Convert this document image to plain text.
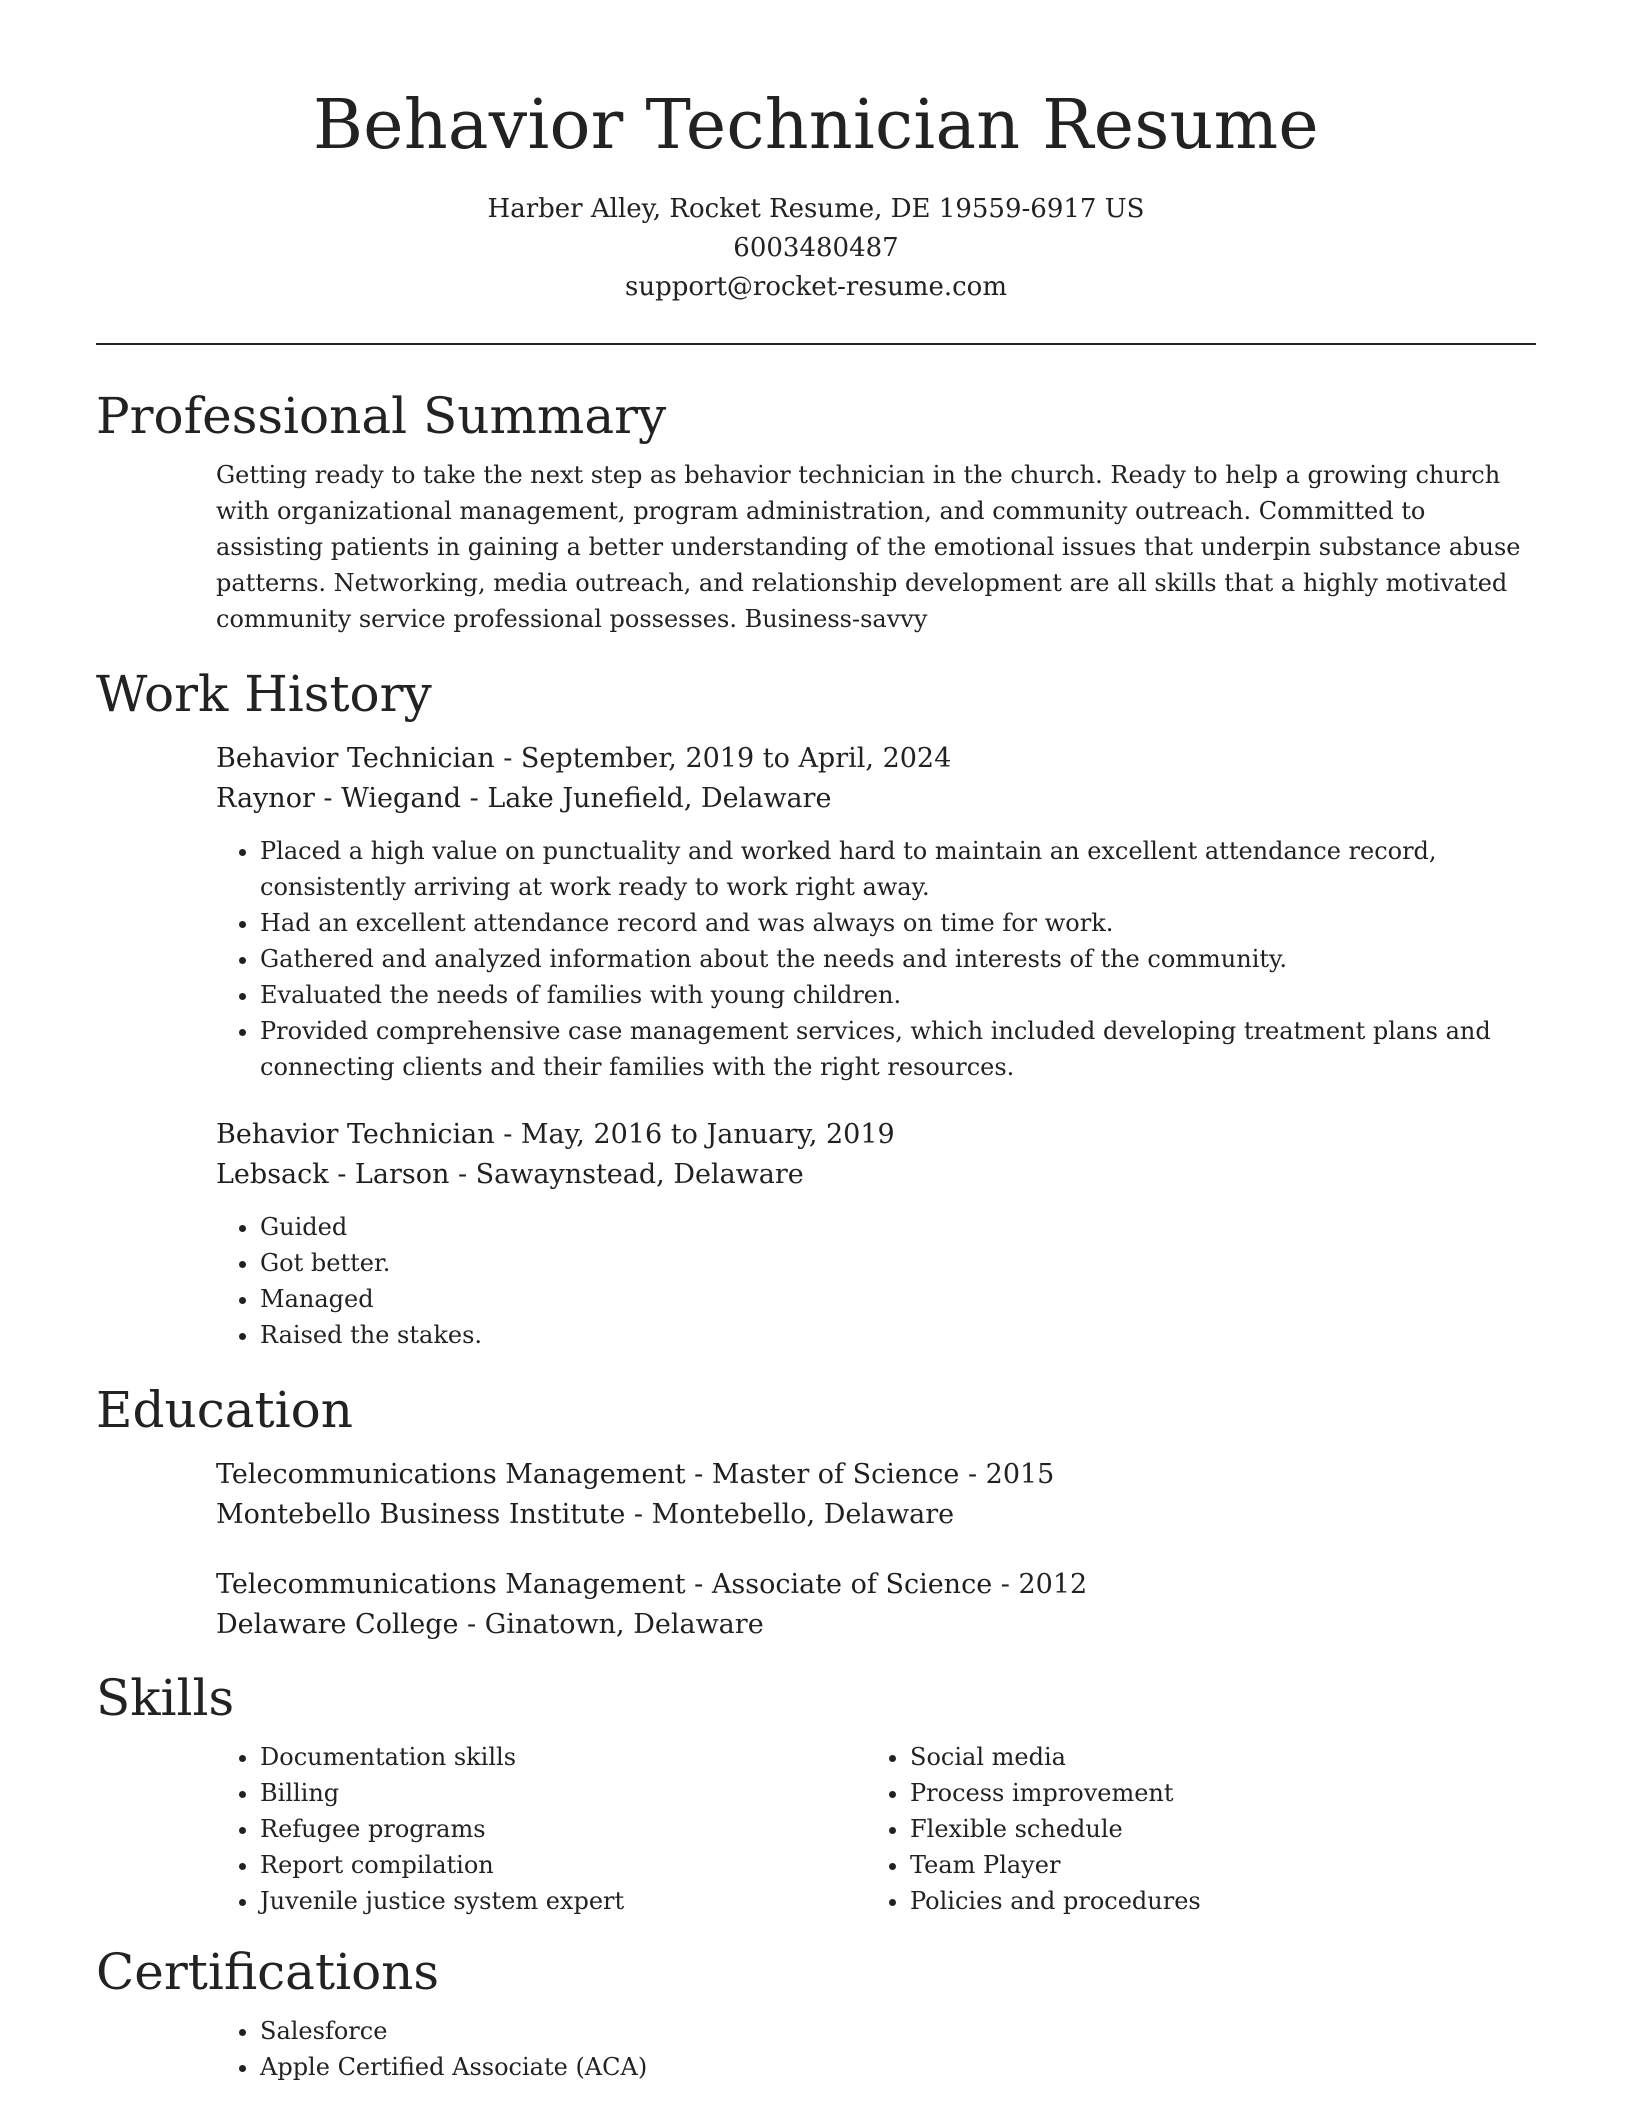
Behavior Technician Resume
Harber Alley, Rocket Resume, DE 19559-6917 US
6003480487
support@rocket-resume.com
Professional Summary

Getting ready to take the next step as behavior technician in the church. Ready to help a growing church with organizational management, program administration, and community outreach. Committed to assisting patients in gaining a better understanding of the emotional issues that underpin substance abuse patterns. Networking, media outreach, and relationship development are all skills that a highly motivated community service professional possesses. Business-savvy

Work History
Behavior Technician - September, 2019 to April, 2024
Raynor - Wiegand - Lake Junefield, Delaware
• Placed a high value on punctuality and worked hard to maintain an excellent attendance record, consistently arriving at work ready to work right away.
• Had an excellent attendance record and was always on time for work.
• Gathered and analyzed information about the needs and interests of the community.
• Evaluated the needs of families with young children.
• Provided comprehensive case management services, which included developing treatment plans and connecting clients and their families with the right resources.
Behavior Technician - May, 2016 to January, 2019
Lebsack - Larson - Sawaynstead, Delaware
• Guided
• Got better.
• Managed
• Raised the stakes.
Education
Telecommunications Management - Master of Science - 2015
Montebello Business Institute - Montebello, Delaware
Telecommunications Management - Associate of Science - 2012
Delaware College - Ginatown, Delaware
Skills
• Documentation skills
• Billing
• Refugee programs
• Report compilation
• Juvenile justice system expert
• Social media
• Process improvement
• Flexible schedule
• Team Player
• Policies and procedures
Certifications
• Salesforce
• Apple Certified Associate (ACA)
